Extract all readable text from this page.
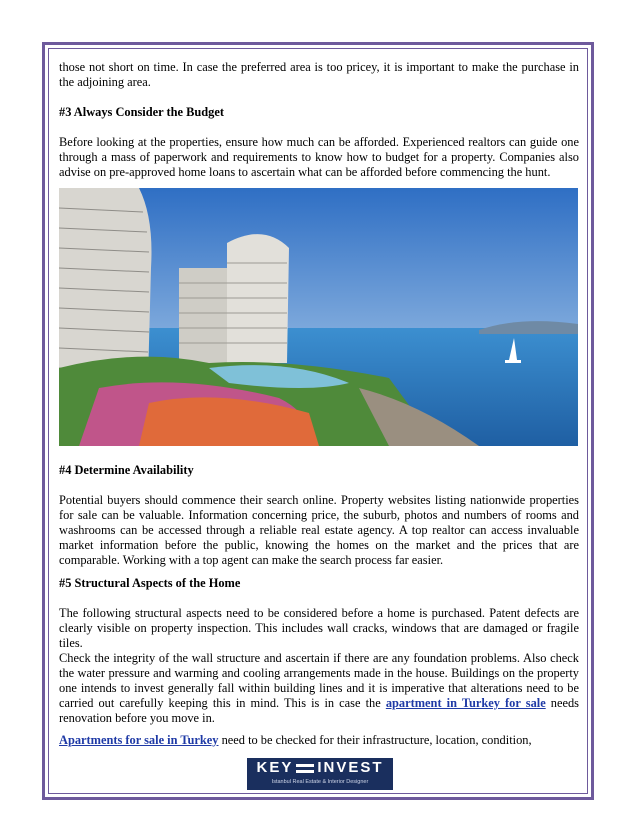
those not short on time. In case the preferred area is too pricey, it is important to make the purchase in the adjoining area.

#3 Always Consider the Budget

Before looking at the properties, ensure how much can be afforded. Experienced realtors can guide one through a mass of paperwork and requirements to know how to budget for a property. Companies also advise on pre-approved home loans to ascertain what can be afforded before commencing the hunt.

#4 Determine Availability

Potential buyers should commence their search online. Property websites listing nationwide properties for sale can be valuable. Information concerning price, the suburb, photos and numbers of rooms and washrooms can be accessed through a reliable real estate agency. A top realtor can access invaluable market information before the public, knowing the homes on the market and the prices that are comparable. Working with a top agent can make the search process far easier.

#5 Structural Aspects of the Home

The following structural aspects need to be considered before a home is purchased. Patent defects are clearly visible on property inspection. This includes wall cracks, windows that are damaged or fragile tiles.

Check the integrity of the wall structure and ascertain if there are any foundation problems. Also check the water pressure and warming and cooling arrangements made in the house. Buildings on the property one intends to invest generally fall within building lines and it is imperative that alterations need to be carried out carefully keeping this in mind. This is in case the apartment in Turkey for sale needs renovation before you move in.

Apartments for sale in Turkey need to be checked for their infrastructure, location, condition,

KEY INVEST
Istanbul Real Estate & Interior Designer
